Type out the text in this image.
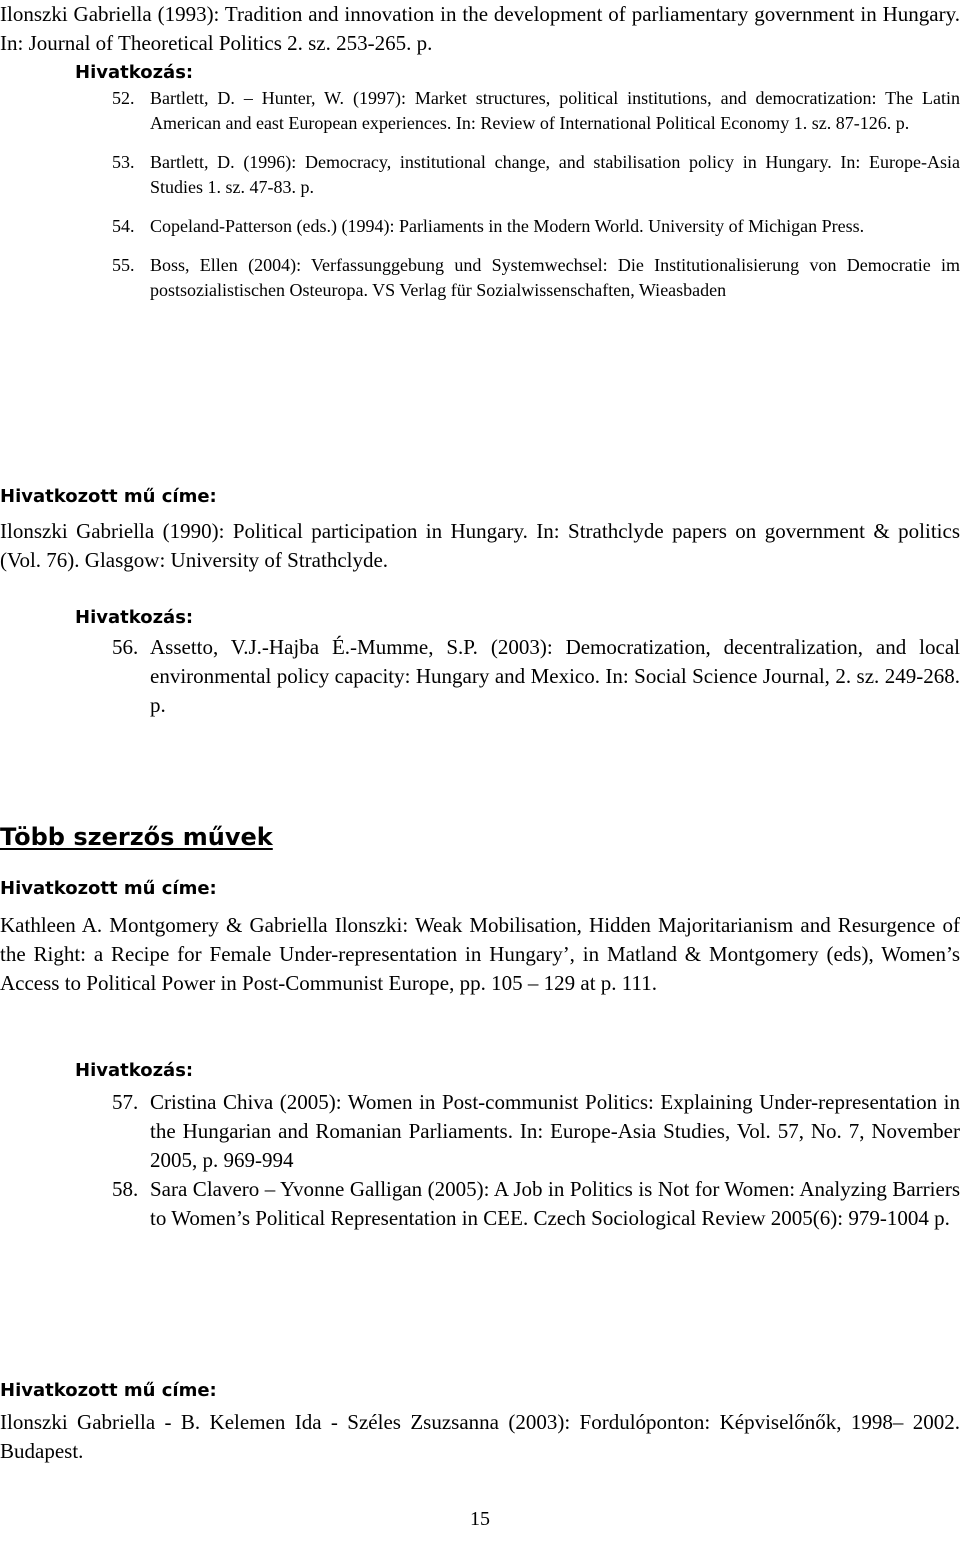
Ilonszki Gabriella (1993): Tradition and innovation in the development of parliamentary government in Hungary. In: Journal of Theoretical Politics 2. sz. 253-265. p.

Hivatkozás:
52. Bartlett, D. – Hunter, W. (1997): Market structures, political institutions, and democratization: The Latin American and east European experiences. In: Review of International Political Economy 1. sz. 87-126. p.
53. Bartlett, D. (1996): Democracy, institutional change, and stabilisation policy in Hungary. In: Europe-Asia Studies 1. sz. 47-83. p.
54. Copeland-Patterson (eds.) (1994): Parliaments in the Modern World. University of Michigan Press.
55. Boss, Ellen (2004): Verfassunggebung und Systemwechsel: Die Institutionalisierung von Democratie im postsozialistischen Osteuropa. VS Verlag für Sozialwissenschaften, Wieasbaden
Hivatkozott mű címe:

Ilonszki Gabriella (1990): Political participation in Hungary. In: Strathclyde papers on government & politics (Vol. 76). Glasgow: University of Strathclyde.

Hivatkozás:
56. Assetto, V.J.-Hajba É.-Mumme, S.P. (2003): Democratization, decentralization, and local environmental policy capacity: Hungary and Mexico. In: Social Science Journal, 2. sz. 249-268. p.
Több szerzős művek
Hivatkozott mű címe:

Kathleen A. Montgomery & Gabriella Ilonszki: Weak Mobilisation, Hidden Majoritarianism and Resurgence of the Right: a Recipe for Female Under-representation in Hungary’, in Matland & Montgomery (eds), Women’s Access to Political Power in Post-Communist Europe, pp. 105 – 129 at p. 111.

Hivatkozás:
57. Cristina Chiva (2005): Women in Post-communist Politics: Explaining Under-representation in the Hungarian and Romanian Parliaments. In: Europe-Asia Studies, Vol. 57, No. 7, November 2005, p. 969-994
58. Sara Clavero – Yvonne Galligan (2005): A Job in Politics is Not for Women: Analyzing Barriers to Women’s Political Representation in CEE. Czech Sociological Review 2005(6): 979-1004 p.
Hivatkozott mű címe:

Ilonszki Gabriella - B. Kelemen Ida - Széles Zsuzsanna (2003): Fordulóponton: Képviselőnők, 1998– 2002. Budapest.

15
